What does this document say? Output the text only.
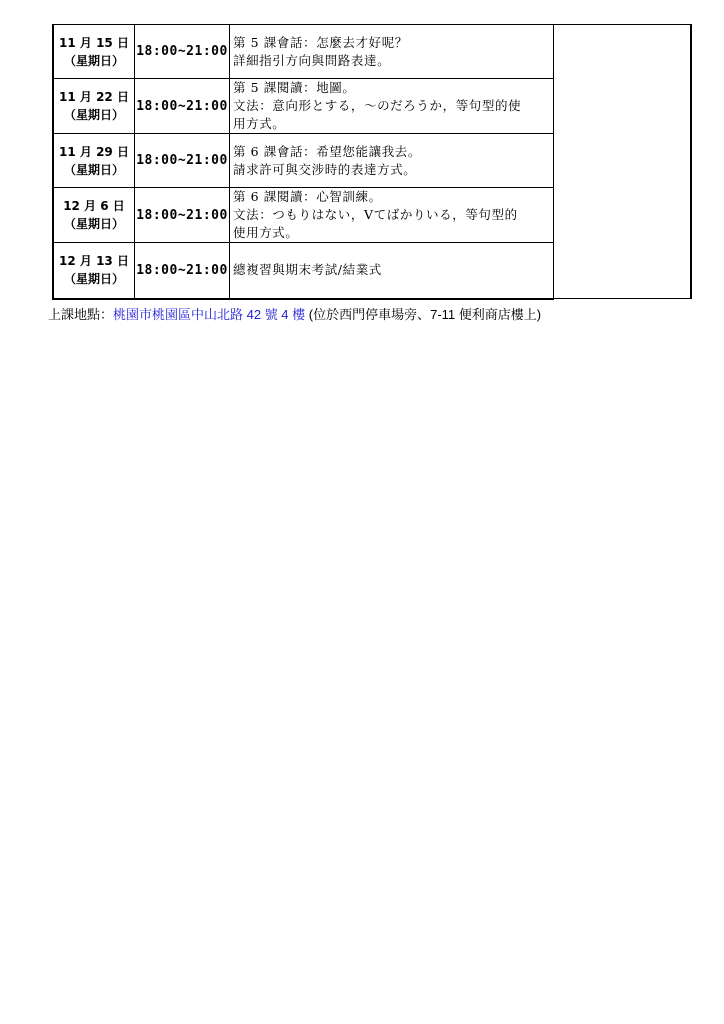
11 月 15 日
（星期日）	18:00~21:00	第 5 課會話：怎麼去才好呢？
詳細指引方向與問路表達。	

11 月 22 日
（星期日）	18:00~21:00	第 5 課閱讀：地圖。
文法：意向形とする，～のだろうか，等句型的使
用方式。	

11 月 29 日
（星期日）	18:00~21:00	第 6 課會話：希望您能讓我去。
請求許可與交涉時的表達方式。	

12 月 6 日
（星期日）	18:00~21:00	第 6 課閱讀：心智訓練。
文法：つもりはない，Vてばかりいる，等句型的
使用方式。	

12 月 13 日
（星期日）	18:00~21:00	總複習與期末考試/結業式	
上課地點：桃園市桃園區中山北路 42 號 4 樓 (位於西門停車場旁、7-11 便利商店樓上)
